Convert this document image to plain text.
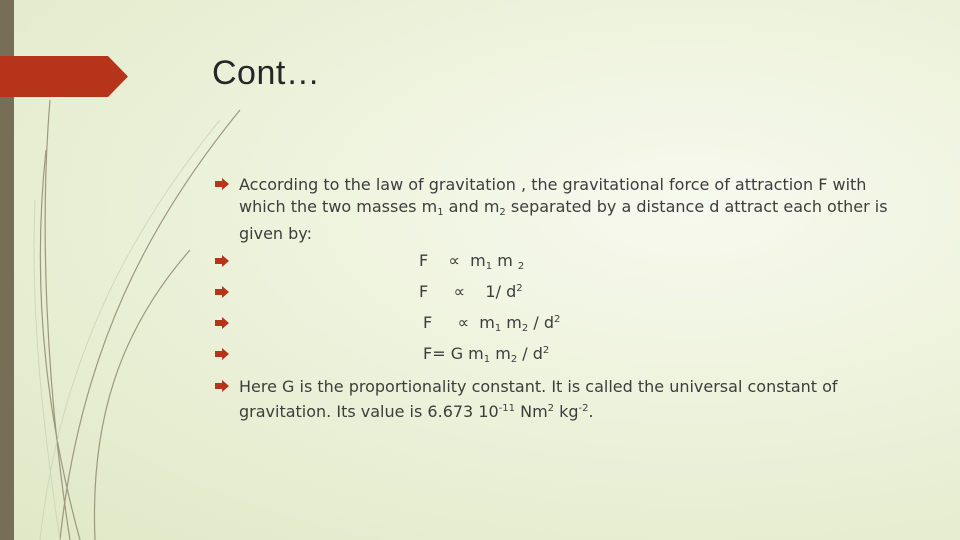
Cont…
According to the law of gravitation , the gravitational force of attraction F with which the two masses $m_1$ and $m_2$ separated by a distance d attract each other is given by:
F    ∝  $m_1$ m $_2$
F     ∝    1/ $d^2$
F     ∝  $m_1$ $m_2 / d^2$
F= G $m_1$ $m_2 / d^2$
Here G is the proportionality constant. It is called the universal constant of gravitation. Its value is 6.673 $10^{-11}$ Nm$^2$ $kg^{-2}$.
